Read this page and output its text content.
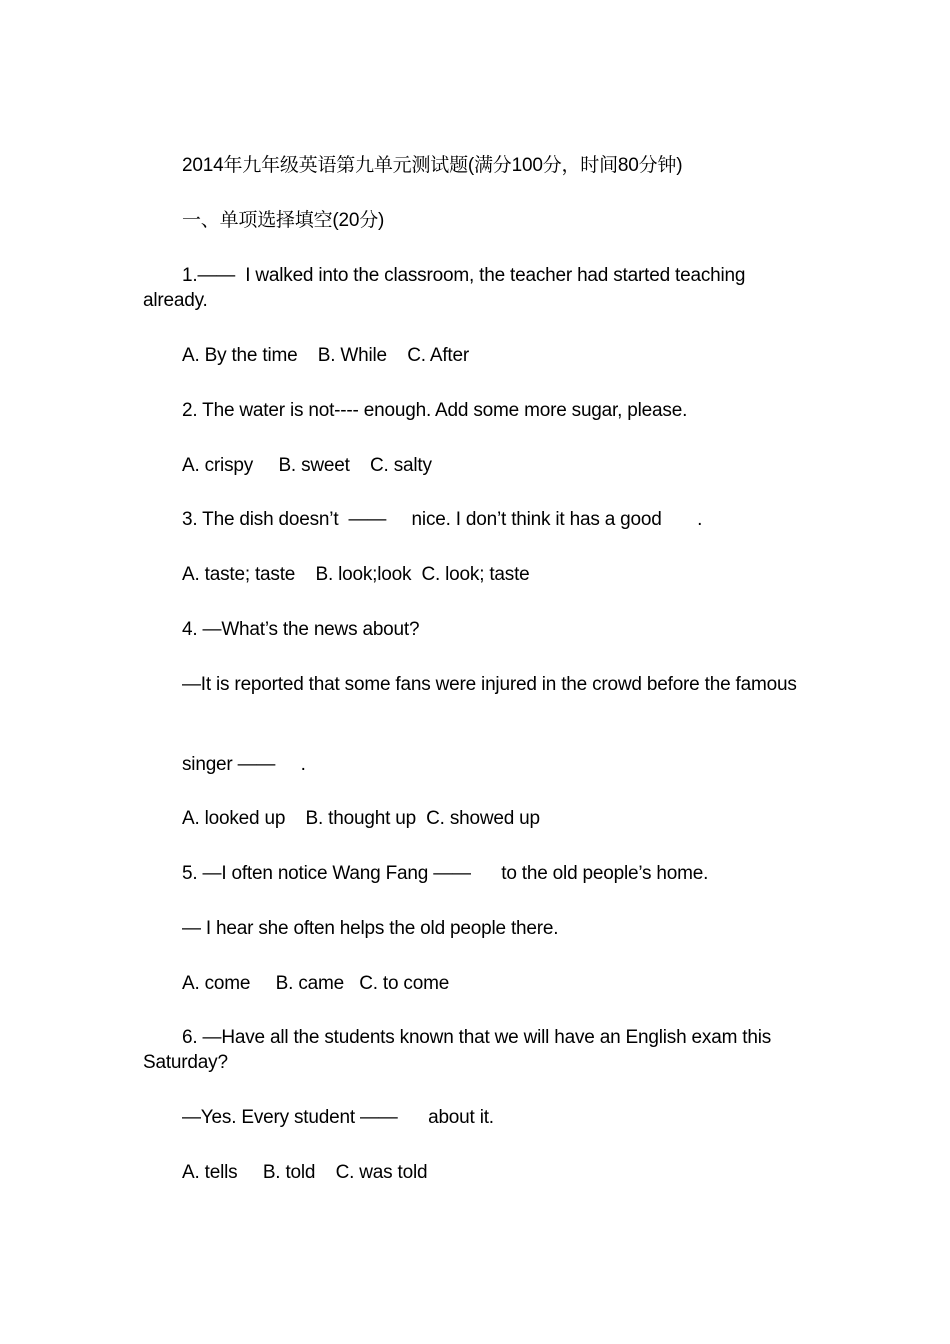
2014年九年级英语第九单元测试题(满分100分，时间80分钟)
一、单项选择填空(20分)
1.——  I walked into the classroom, the teacher had started teaching already.
A. By the time    B. While    C. After
2. The water is not---- enough. Add some more sugar, please.
A. crispy     B. sweet    C. salty
3. The dish doesn’t  ——     nice. I don’t think it has a good       .
A. taste; taste    B. look;look  C. look; taste
4. —What’s the news about?
—It is reported that some fans were injured in the crowd before the famous
singer ——     .
A. looked up    B. thought up  C. showed up
5. —I often notice Wang Fang ——      to the old people’s home.
— I hear she often helps the old people there.
A. come     B. came   C. to come
6. —Have all the students known that we will have an English exam this Saturday?
—Yes. Every student ——      about it.
A. tells     B. told    C. was told
